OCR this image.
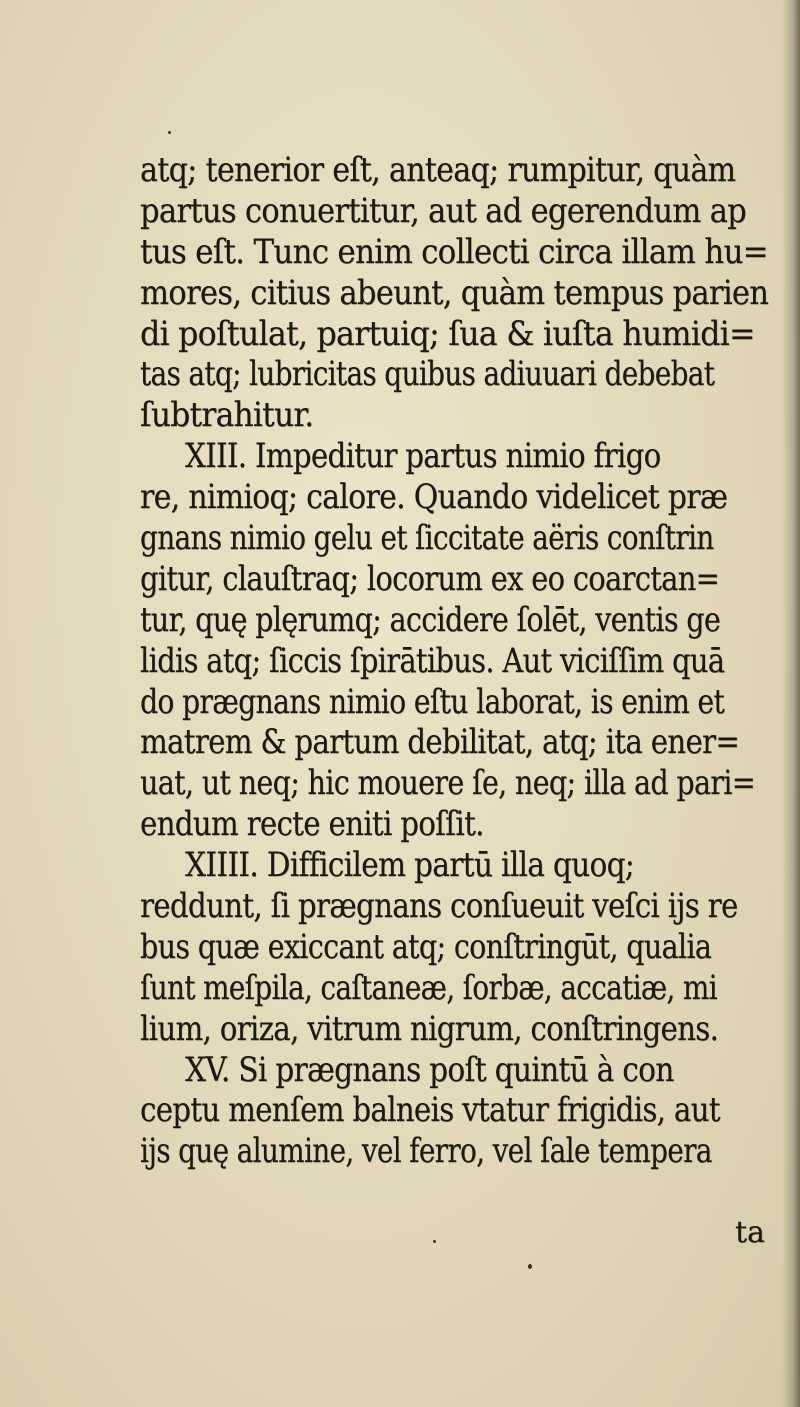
atq; tenerior eſt, anteaq; rumpitur, quàm
partus conuertitur, aut ad egerendum ap
tus eſt. Tunc enim collecti circa illam hu=
mores, citius abeunt, quàm tempus parien
di poſtulat, partuiq; ſua & iuſta humidi=
tas atq; lubricitas quibus adiuuari debebat
ſubtrahitur.
XIII. Impeditur partus nimio frigo
re, nimioq; calore. Quando videlicet præ
gnans nimio gelu et ſiccitate aëris conſtrin
gitur, clauſtraq; locorum ex eo coarctan=
tur, quę plęrumq; accidere ſolēt, ventis ge
lidis atq; ſiccis ſpirātibus. Aut viciſſim quā
do prægnans nimio eſtu laborat, is enim et
matrem & partum debilitat, atq; ita ener=
uat, ut neq; hic mouere ſe, neq; illa ad pari=
endum recte eniti poſſit.
XIIII. Difficilem partū illa quoq;
reddunt, ſi prægnans conſueuit veſci ijs re
bus quæ exiccant atq; conſtringūt, qualia
ſunt meſpila, caſtaneæ, ſorbæ, accatiæ, mi
lium, oriza, vitrum nigrum, conſtringens.
XV. Si prægnans poſt quintū à con
ceptu menſem balneis vtatur frigidis, aut
ijs quę alumine, vel ferro, vel ſale tempera
ta
